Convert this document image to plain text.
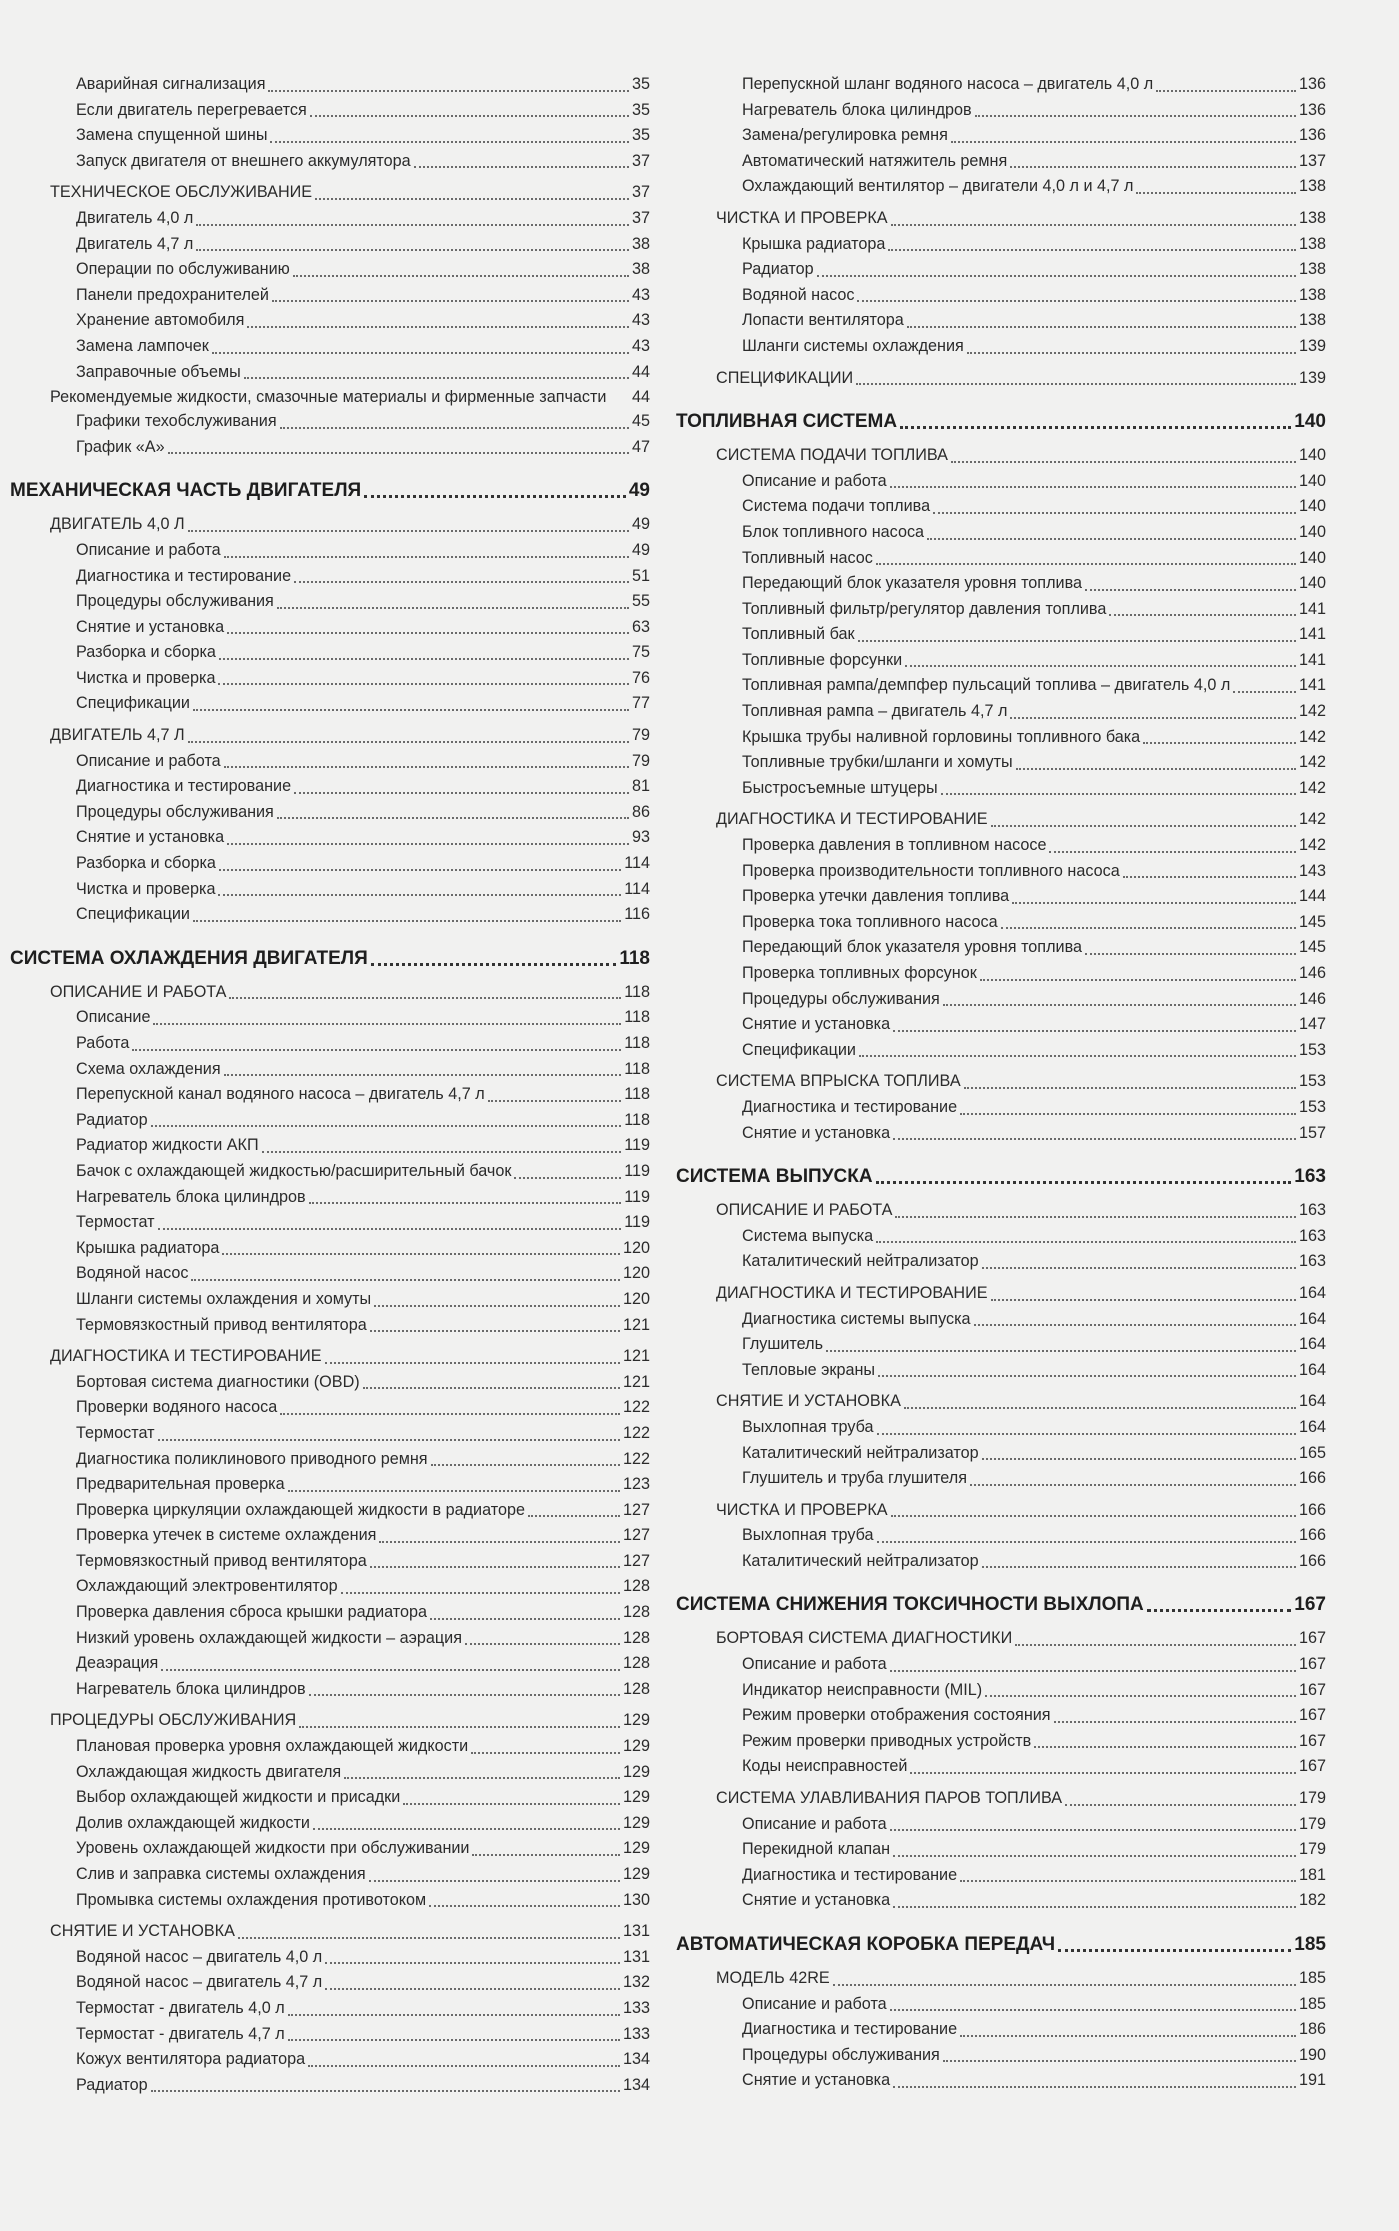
Аварийная сигнализация	35
Если двигатель перегревается	35
Замена спущенной шины	35
Запуск двигателя от внешнего аккумулятора	37
ТЕХНИЧЕСКОЕ ОБСЛУЖИВАНИЕ	37
Двигатель 4,0 л	37
Двигатель 4,7 л	38
Операции по обслуживанию	38
Панели предохранителей	43
Хранение автомобиля	43
Замена лампочек	43
Заправочные объемы	44
Рекомендуемые жидкости, смазочные материалы и фирменные запчасти	44
Графики техобслуживания	45
График «А»	47
МЕХАНИЧЕСКАЯ ЧАСТЬ ДВИГАТЕЛЯ	49
ДВИГАТЕЛЬ 4,0 Л	49
Описание и работа	49
Диагностика и тестирование	51
Процедуры обслуживания	55
Снятие и установка	63
Разборка и сборка	75
Чистка и проверка	76
Спецификации	77
ДВИГАТЕЛЬ 4,7 Л	79
Описание и работа	79
Диагностика и тестирование	81
Процедуры обслуживания	86
Снятие и установка	93
Разборка и сборка	114
Чистка и проверка	114
Спецификации	116
СИСТЕМА ОХЛАЖДЕНИЯ ДВИГАТЕЛЯ	118
ОПИСАНИЕ И РАБОТА	118
Описание	118
Работа	118
Схема охлаждения	118
Перепускной канал водяного насоса – двигатель 4,7 л	118
Радиатор	118
Радиатор жидкости АКП	119
Бачок с охлаждающей жидкостью/расширительный бачок	119
Нагреватель блока цилиндров	119
Термостат	119
Крышка радиатора	120
Водяной насос	120
Шланги системы охлаждения и хомуты	120
Термовязкостный привод вентилятора	121
ДИАГНОСТИКА И ТЕСТИРОВАНИЕ	121
Бортовая система диагностики (OBD)	121
Проверки водяного насоса	122
Термостат	122
Диагностика поликлинового приводного ремня	122
Предварительная проверка	123
Проверка циркуляции охлаждающей жидкости в радиаторе	127
Проверка утечек в системе охлаждения	127
Термовязкостный привод вентилятора	127
Охлаждающий электровентилятор	128
Проверка давления сброса крышки радиатора	128
Низкий уровень охлаждающей жидкости – аэрация	128
Деаэрация	128
Нагреватель блока цилиндров	128
ПРОЦЕДУРЫ ОБСЛУЖИВАНИЯ	129
Плановая проверка уровня охлаждающей жидкости	129
Охлаждающая жидкость двигателя	129
Выбор охлаждающей жидкости и присадки	129
Долив охлаждающей жидкости	129
Уровень охлаждающей жидкости при обслуживании	129
Слив и заправка системы охлаждения	129
Промывка системы охлаждения противотоком	130
СНЯТИЕ И УСТАНОВКА	131
Водяной насос – двигатель 4,0 л	131
Водяной насос – двигатель 4,7 л	132
Термостат - двигатель 4,0 л	133
Термостат - двигатель 4,7 л	133
Кожух вентилятора радиатора	134
Радиатор	134
Перепускной шланг водяного насоса – двигатель 4,0 л	136
Нагреватель блока цилиндров	136
Замена/регулировка ремня	136
Автоматический натяжитель ремня	137
Охлаждающий вентилятор – двигатели 4,0 л и 4,7 л	138
ЧИСТКА И ПРОВЕРКА	138
Крышка радиатора	138
Радиатор	138
Водяной насос	138
Лопасти вентилятора	138
Шланги системы охлаждения	139
СПЕЦИФИКАЦИИ	139
ТОПЛИВНАЯ СИСТЕМА	140
СИСТЕМА ПОДАЧИ ТОПЛИВА	140
Описание и работа	140
Система подачи топлива	140
Блок топливного насоса	140
Топливный насос	140
Передающий блок указателя уровня топлива	140
Топливный фильтр/регулятор давления топлива	141
Топливный бак	141
Топливные форсунки	141
Топливная рампа/демпфер пульсаций топлива – двигатель 4,0 л	141
Топливная рампа – двигатель 4,7 л	142
Крышка трубы наливной горловины топливного бака	142
Топливные трубки/шланги и хомуты	142
Быстросъемные штуцеры	142
ДИАГНОСТИКА И ТЕСТИРОВАНИЕ	142
Проверка давления в топливном насосе	142
Проверка производительности топливного насоса	143
Проверка утечки давления топлива	144
Проверка тока топливного насоса	145
Передающий блок указателя уровня топлива	145
Проверка топливных форсунок	146
Процедуры обслуживания	146
Снятие и установка	147
Спецификации	153
СИСТЕМА ВПРЫСКА ТОПЛИВА	153
Диагностика и тестирование	153
Снятие и установка	157
СИСТЕМА ВЫПУСКА	163
ОПИСАНИЕ И РАБОТА	163
Система выпуска	163
Каталитический нейтрализатор	163
ДИАГНОСТИКА И ТЕСТИРОВАНИЕ	164
Диагностика системы выпуска	164
Глушитель	164
Тепловые экраны	164
СНЯТИЕ И УСТАНОВКА	164
Выхлопная труба	164
Каталитический нейтрализатор	165
Глушитель и труба глушителя	166
ЧИСТКА И ПРОВЕРКА	166
Выхлопная труба	166
Каталитический нейтрализатор	166
СИСТЕМА СНИЖЕНИЯ ТОКСИЧНОСТИ ВЫХЛОПА	167
БОРТОВАЯ СИСТЕМА ДИАГНОСТИКИ	167
Описание и работа	167
Индикатор неисправности (MIL)	167
Режим проверки отображения состояния	167
Режим проверки приводных устройств	167
Коды неисправностей	167
СИСТЕМА УЛАВЛИВАНИЯ ПАРОВ ТОПЛИВА	179
Описание и работа	179
Перекидной клапан	179
Диагностика и тестирование	181
Снятие и установка	182
АВТОМАТИЧЕСКАЯ КОРОБКА ПЕРЕДАЧ	185
МОДЕЛЬ 42RE	185
Описание и работа	185
Диагностика и тестирование	186
Процедуры обслуживания	190
Снятие и установка	191
